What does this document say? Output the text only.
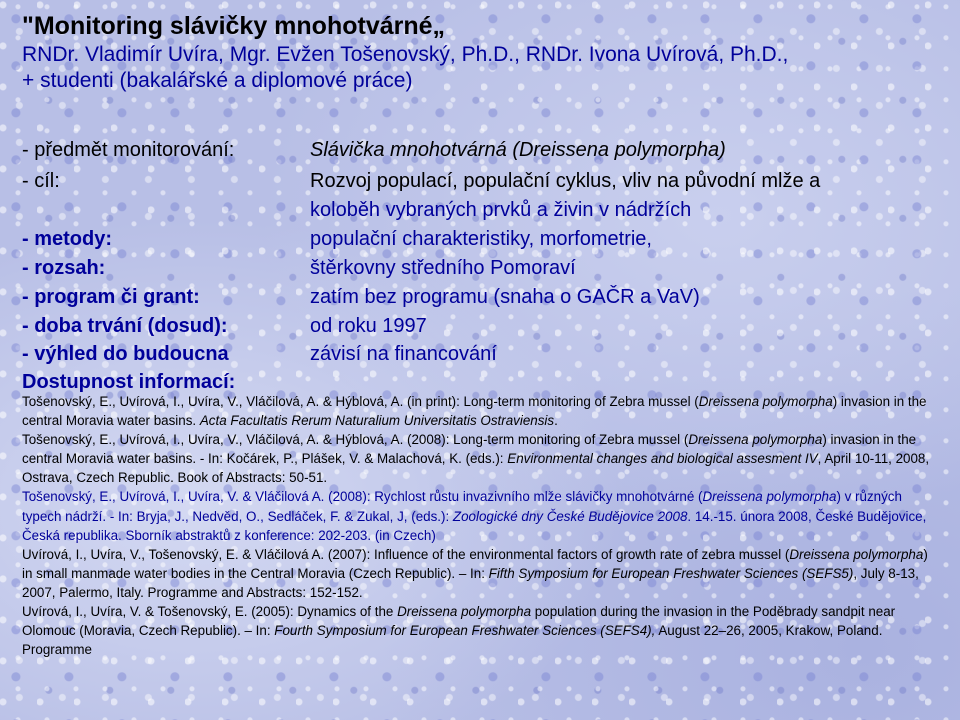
"Monitoring slávičky mnohotvárné„
RNDr. Vladimír Uvíra, Mgr. Evžen Tošenovský, Ph.D., RNDr. Ivona Uvírová, Ph.D.,
+ studenti (bakalářské a diplomové práce)
- předmět monitorování:	Slávička mnohotvárná (Dreissena polymorpha)
- cíl:	Rozvoj populací, populační cyklus, vliv na původní mlže a
koloběh vybraných prvků a živin v nádržích
- metody:	populační charakteristiky, morfometrie,
- rozsah:	štěrkovny středního Pomoraví
- program či grant:	zatím bez programu (snaha o GAČR a VaV)
- doba trvání (dosud):	od roku 1997
- výhled do budoucna	závisí na financování
Dostupnost informací:

Tošenovský, E., Uvírová, I., Uvíra, V., Vláčilová, A. & Hýblová, A. (in print): Long-term monitoring of Zebra mussel (Dreissena polymorpha) invasion in the central Moravia water basins. Acta Facultatis Rerum Naturalium Universitatis Ostraviensis.

Tošenovský, E., Uvírová, I., Uvíra, V., Vláčilová, A. & Hýblová, A. (2008): Long-term monitoring of Zebra mussel (Dreissena polymorpha) invasion in the central Moravia water basins. - In: Kočárek, P., Plášek, V. & Malachová, K. (eds.): Environmental changes and biological assesment IV, April 10-11, 2008, Ostrava, Czech Republic. Book of Abstracts: 50-51.

Tošenovský, E., Uvírová, I., Uvíra, V. & Vláčilová A. (2008): Rychlost růstu invazivního mlže slávičky mnohotvárné (Dreissena polymorpha) v různých typech nádrží. - In: Bryja, J., Nedvěd, O., Sedláček, F. & Zukal, J, (eds.): Zoologické dny České Budějovice 2008. 14.-15. února 2008, České Budějovice, Česká republika. Sborník abstraktů z konference: 202-203. (in Czech)

Uvírová, I., Uvíra, V., Tošenovský, E. & Vláčilová A. (2007): Influence of the environmental factors of growth rate of zebra mussel (Dreissena polymorpha) in small manmade water bodies in the Central Moravia (Czech Republic). – In: Fifth Symposium for European Freshwater Sciences (SEFS5), July 8-13, 2007, Palermo, Italy. Programme and Abstracts: 152-152.

Uvírová, I., Uvíra, V. & Tošenovský, E. (2005): Dynamics of the Dreissena polymorpha population during the invasion in the Poděbrady sandpit near Olomouc (Moravia, Czech Republic). – In: Fourth Symposium for European Freshwater Sciences (SEFS4), August 22–26, 2005, Krakow, Poland. Programme
